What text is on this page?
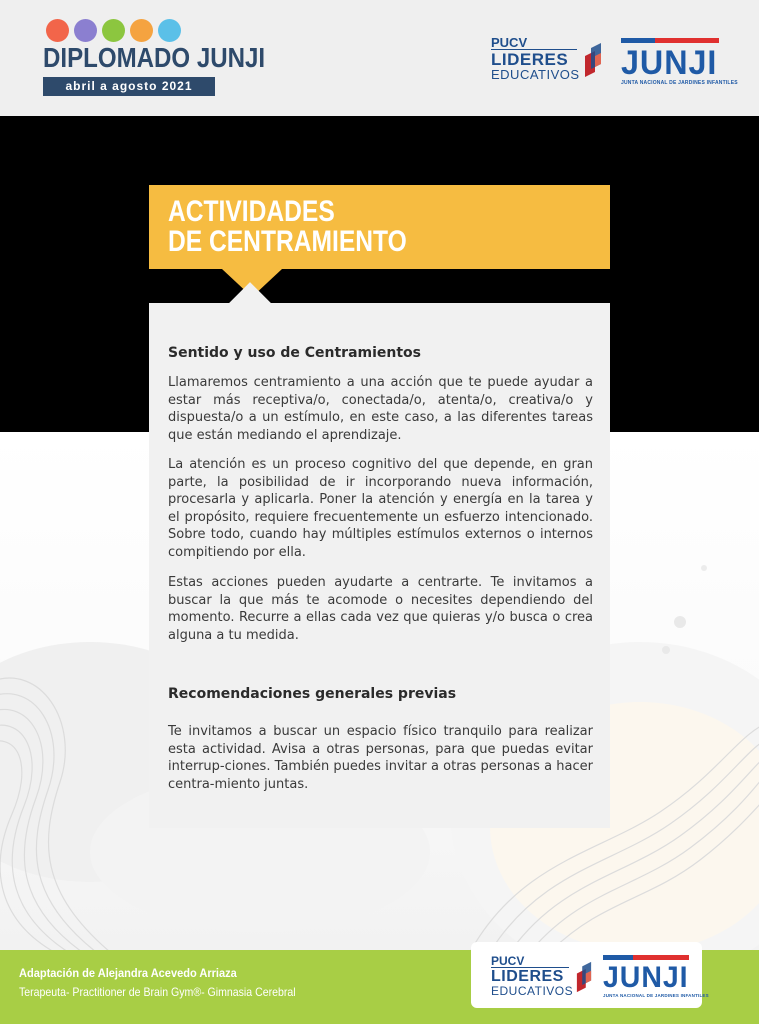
DIPLOMADO JUNJI
abril a agosto 2021
PUCV
LIDERES
EDUCATIVOS	JUNJI
JUNTA NACIONAL DE JARDINES INFANTILES
ACTIVIDADES
DE CENTRAMIENTO
Sentido y uso de Centramientos

Llamaremos centramiento a una acción que te puede ayudar a estar más receptiva/o, conectada/o, atenta/o, creativa/o y dispuesta/o a un estímulo, en este caso, a las diferentes tareas que están mediando el aprendizaje.

La atención es un proceso cognitivo del que depende, en gran parte, la posibilidad de ir incorporando nueva información, procesarla y aplicarla. Poner la atención y energía en la tarea y el propósito, requiere frecuentemente un esfuerzo intencionado. Sobre todo, cuando hay múltiples estímulos externos o internos compitiendo por ella.

Estas acciones pueden ayudarte a centrarte. Te invitamos a buscar la que más te acomode o necesites dependiendo del momento. Recurre a ellas cada vez que quieras y/o busca o crea alguna a tu medida.

Recomendaciones generales previas

Te invitamos a buscar un espacio físico tranquilo para realizar esta actividad. Avisa a otras personas, para que puedas evitar interrup-ciones. También puedes invitar a otras personas a hacer centra-miento juntas.

Adaptación de Alejandra Acevedo Arriaza
Terapeuta- Practitioner de Brain Gym®- Gimnasia Cerebral
PUCV
LIDERES
EDUCATIVOS JUNJI
JUNTA NACIONAL DE JARDINES INFANTILES
